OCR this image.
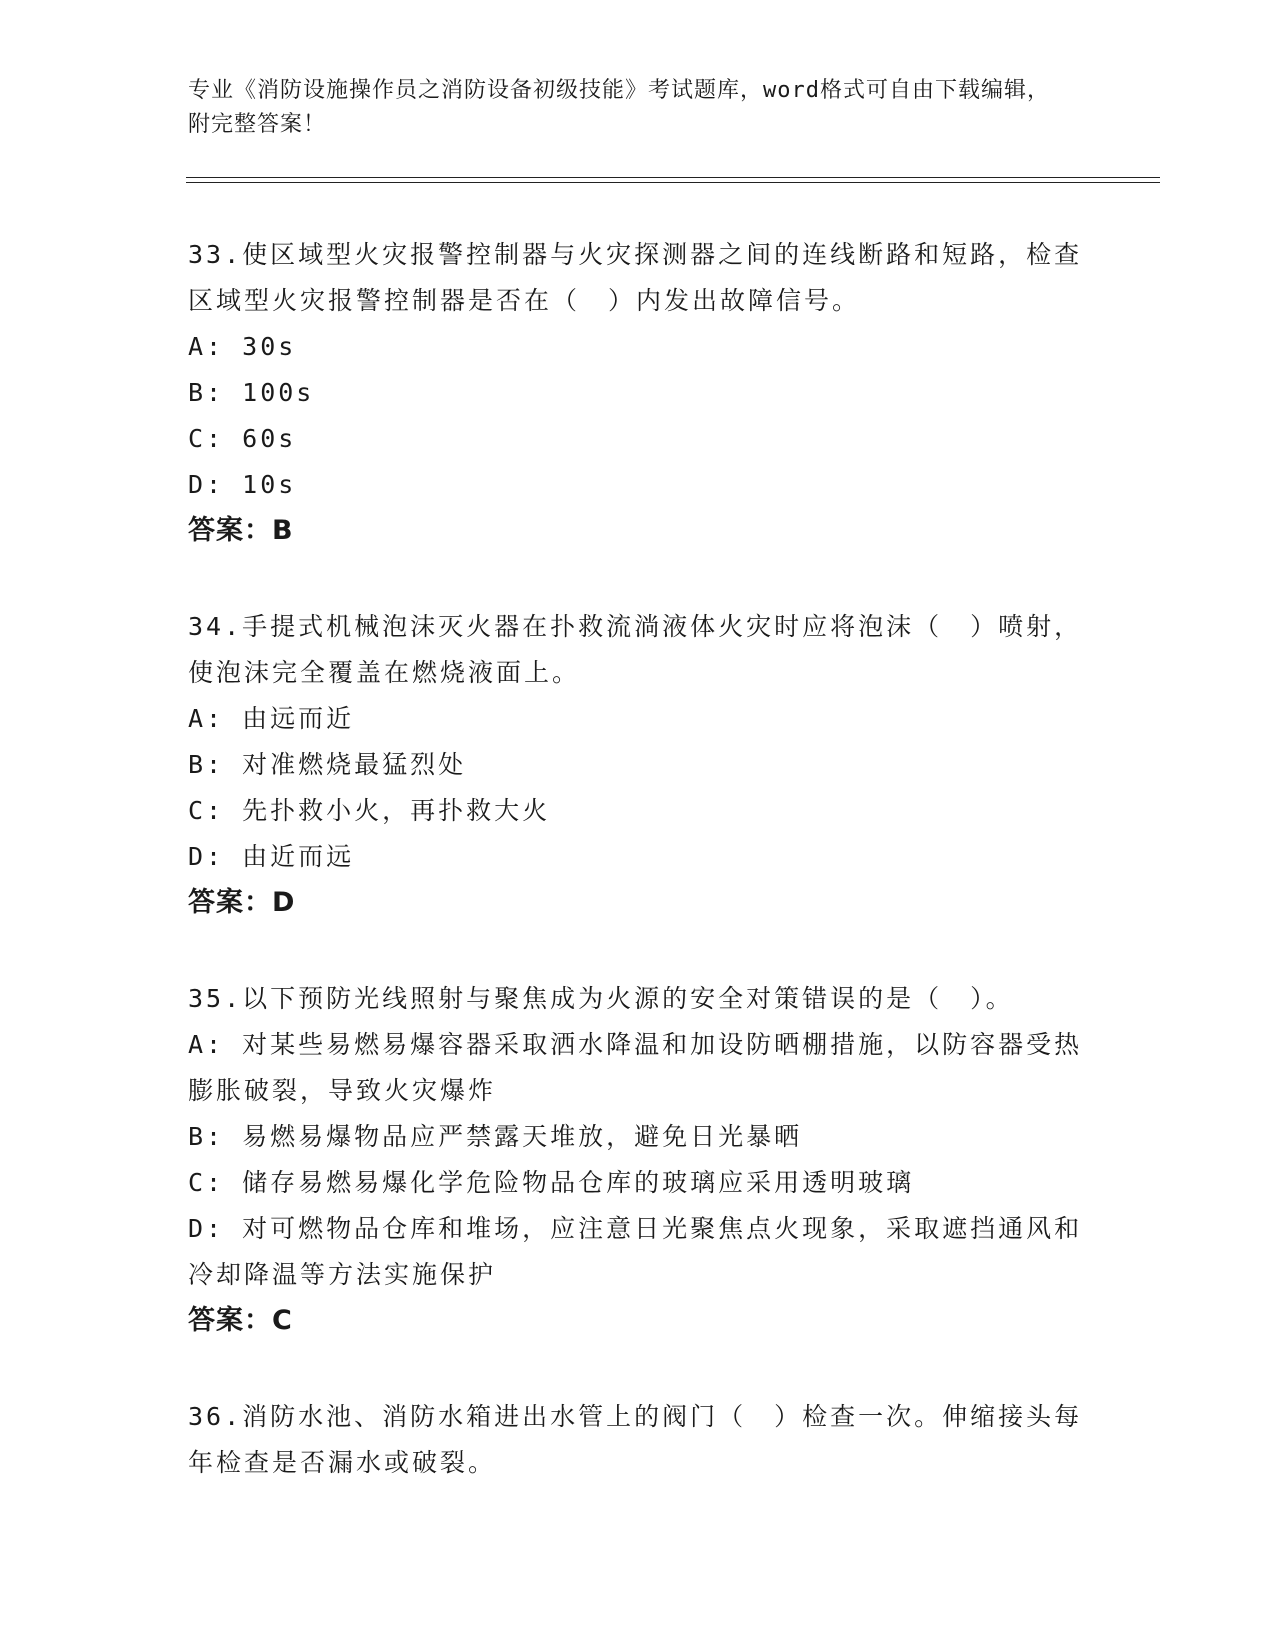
专业《消防设施操作员之消防设备初级技能》考试题库，word格式可自由下载编辑，附完整答案！
33.使区域型火灾报警控制器与火灾探测器之间的连线断路和短路，检查区域型火灾报警控制器是否在（　）内发出故障信号。
A: 30s
B: 100s
C: 60s
D: 10s
答案：B
34.手提式机械泡沫灭火器在扑救流淌液体火灾时应将泡沫（　）喷射，使泡沫完全覆盖在燃烧液面上。
A: 由远而近
B: 对准燃烧最猛烈处
C: 先扑救小火，再扑救大火
D: 由近而远
答案：D
35.以下预防光线照射与聚焦成为火源的安全对策错误的是（　）。
A: 对某些易燃易爆容器采取洒水降温和加设防晒棚措施，以防容器受热膨胀破裂，导致火灾爆炸
B: 易燃易爆物品应严禁露天堆放，避免日光暴晒
C: 储存易燃易爆化学危险物品仓库的玻璃应采用透明玻璃
D: 对可燃物品仓库和堆场，应注意日光聚焦点火现象，采取遮挡通风和冷却降温等方法实施保护
答案：C
36.消防水池、消防水箱进出水管上的阀门（　）检查一次。伸缩接头每年检查是否漏水或破裂。
